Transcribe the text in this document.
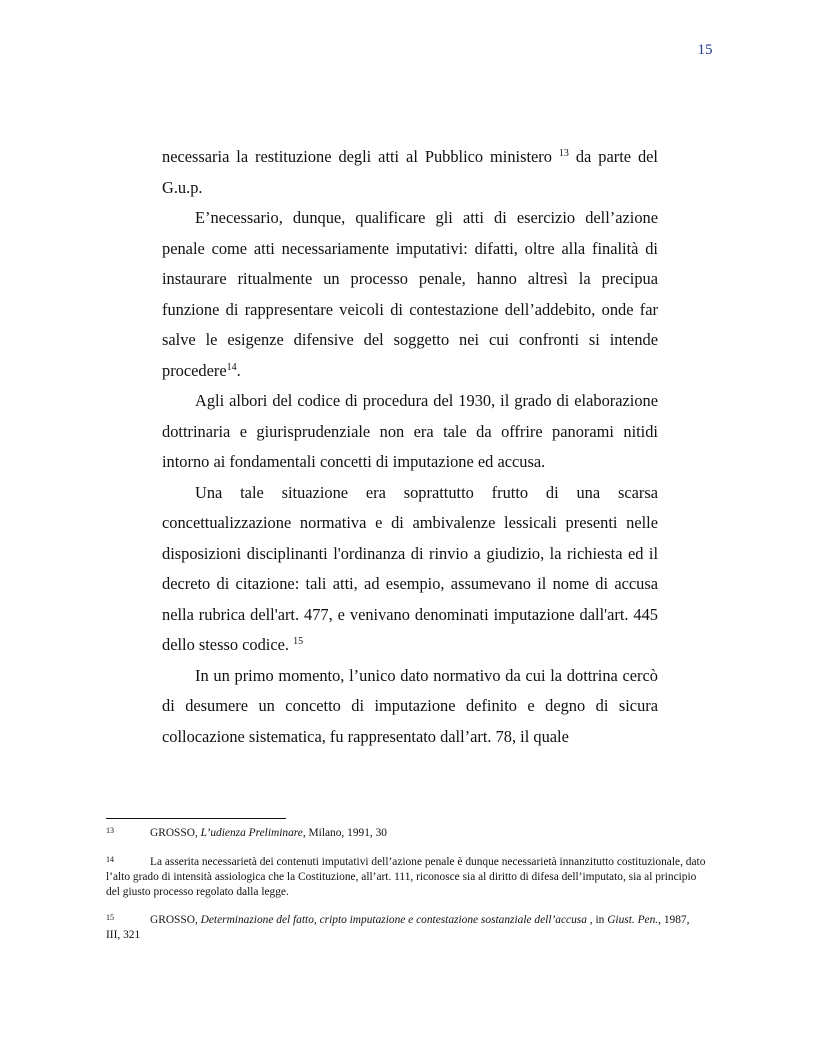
15

necessaria la restituzione degli atti al Pubblico ministero $^{13}$ da parte del G.u.p.

E’necessario, dunque, qualificare gli atti di esercizio dell’azione penale come atti necessariamente imputativi: difatti, oltre alla finalità di instaurare ritualmente un processo penale, hanno altresì la precipua funzione di rappresentare veicoli di contestazione dell’addebito, onde far salve le esigenze difensive del soggetto nei cui confronti si intende procedere$^{14}$.

Agli albori del codice di procedura del 1930, il grado di elaborazione dottrinaria e giurisprudenziale non era tale da offrire panorami nitidi intorno ai fondamentali concetti di imputazione ed accusa.

Una tale situazione era soprattutto frutto di una scarsa concettualizzazione normativa e di ambivalenze lessicali presenti nelle disposizioni disciplinanti l'ordinanza di rinvio a giudizio, la richiesta ed il decreto di citazione: tali atti, ad esempio, assumevano il nome di accusa nella rubrica dell'art. 477, e venivano denominati imputazione dall'art. 445 dello stesso codice. $^{15}$

In un primo momento, l’unico dato normativo da cui la dottrina cercò di desumere un concetto di imputazione definito e degno di sicura collocazione sistematica, fu rappresentato dall’art. 78, il quale

13	GROSSO, L’udienza Preliminare, Milano, 1991, 30
14	La asserita necessarietà dei contenuti imputativi dell’azione penale è dunque necessarietà innanzitutto costituzionale, dato l’alto grado di intensità assiologica che la Costituzione, all’art. 111, riconosce sia al diritto di difesa dell’imputato, sia al principio del giusto processo regolato dalla legge.
15	GROSSO, Determinazione del fatto, cripto imputazione e contestazione sostanziale dell’accusa , in Giust. Pen., 1987, III, 321
